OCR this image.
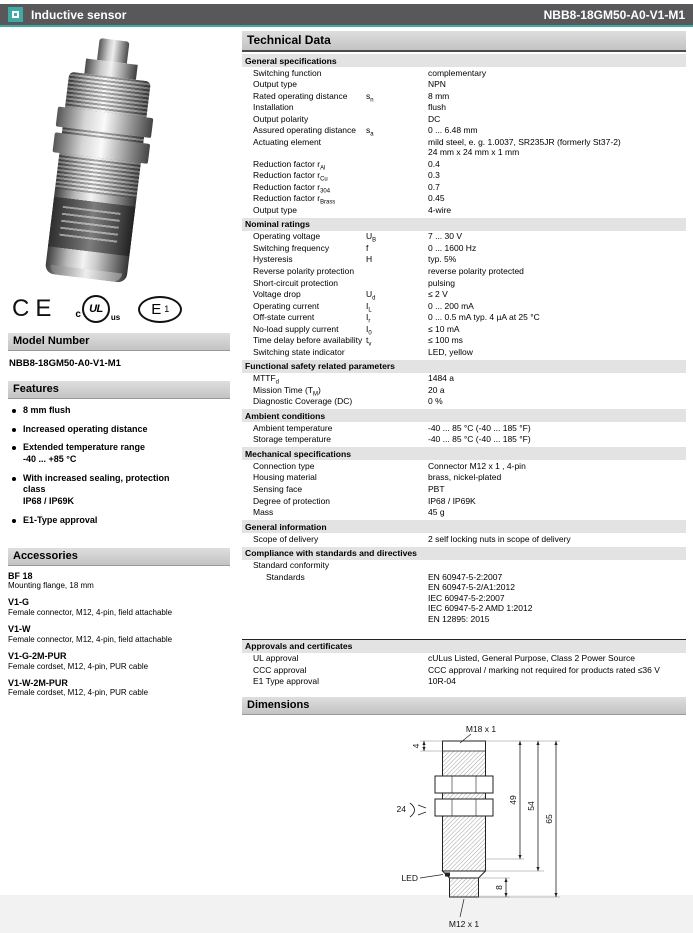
Inductive sensor	NBB8-18GM50-A0-V1-M1
CE c UL
us E 1
Model Number
NBB8-18GM50-A0-V1-M1
Features
8 mm flush
Increased operating distance
Extended temperature range
-40 ... +85 °C
With increased sealing, protection
class
IP68 / IP69K
E1-Type approval
Accessories
BF 18
Mounting flange, 18 mm
V1-G
Female connector, M12, 4-pin, field attachable
V1-W
Female connector, M12, 4-pin, field attachable
V1-G-2M-PUR
Female cordset, M12, 4-pin, PUR cable
V1-W-2M-PUR
Female cordset, M12, 4-pin, PUR cable
Technical Data
General specifications
Switching function	complementary
Output type	NPN
Rated operating distance	$s_n$	8 mm
Installation	flush
Output polarity	DC
Assured operating distance	$s_a$	0 ... 6.48 mm
Actuating element	mild steel, e. g. 1.0037, SR235JR (formerly St37-2)
24 mm x 24 mm x 1 mm
Reduction factor $r_{Al}$	0.4
Reduction factor $r_{Cu}$	0.3
Reduction factor $r_{304}$	0.7
Reduction factor $r_{Brass}$	0.45
Output type	4-wire
Nominal ratings
Operating voltage	$U_B$	7 ... 30 V
Switching frequency	f	0 ... 1600 Hz
Hysteresis	H	typ. 5%
Reverse polarity protection	reverse polarity protected
Short-circuit protection	pulsing
Voltage drop	$U_d$	≤ 2 V
Operating current	$I_L$	0 ... 200 mA
Off-state current	$I_r$	0 ... 0.5 mA typ. 4 µA at 25 °C
No-load supply current	$I_0$	≤ 10 mA
Time delay before availability $t_v$	≤ 100 ms
Switching state indicator	LED, yellow
Functional safety related parameters
$MTTF_d$	1484 a
Mission Time $(T_M)$	20 a
Diagnostic Coverage (DC)	0 %
Ambient conditions
Ambient temperature	-40 ... 85 °C (-40 ... 185 °F)
Storage temperature	-40 ... 85 °C (-40 ... 185 °F)
Mechanical specifications
Connection type	Connector M12 x 1 , 4-pin
Housing material	brass, nickel-plated
Sensing face	PBT
Degree of protection	IP68 / IP69K
Mass	45 g
General information
Scope of delivery	2 self locking nuts in scope of delivery
Compliance with standards and directives
Standard conformity
Standards	EN 60947-5-2:2007
EN 60947-5-2/A1:2012
IEC 60947-5-2:2007
IEC 60947-5-2 AMD 1:2012
EN 12895: 2015
Approvals and certificates
UL approval	cULus Listed, General Purpose, Class 2 Power Source
CCC approval	CCC approval / marking not required for products rated ≤36 V
E1 Type approval	10R-04
Dimensions
M18 x 1
4
24
LED
8
49
54
65
M12 x 1
